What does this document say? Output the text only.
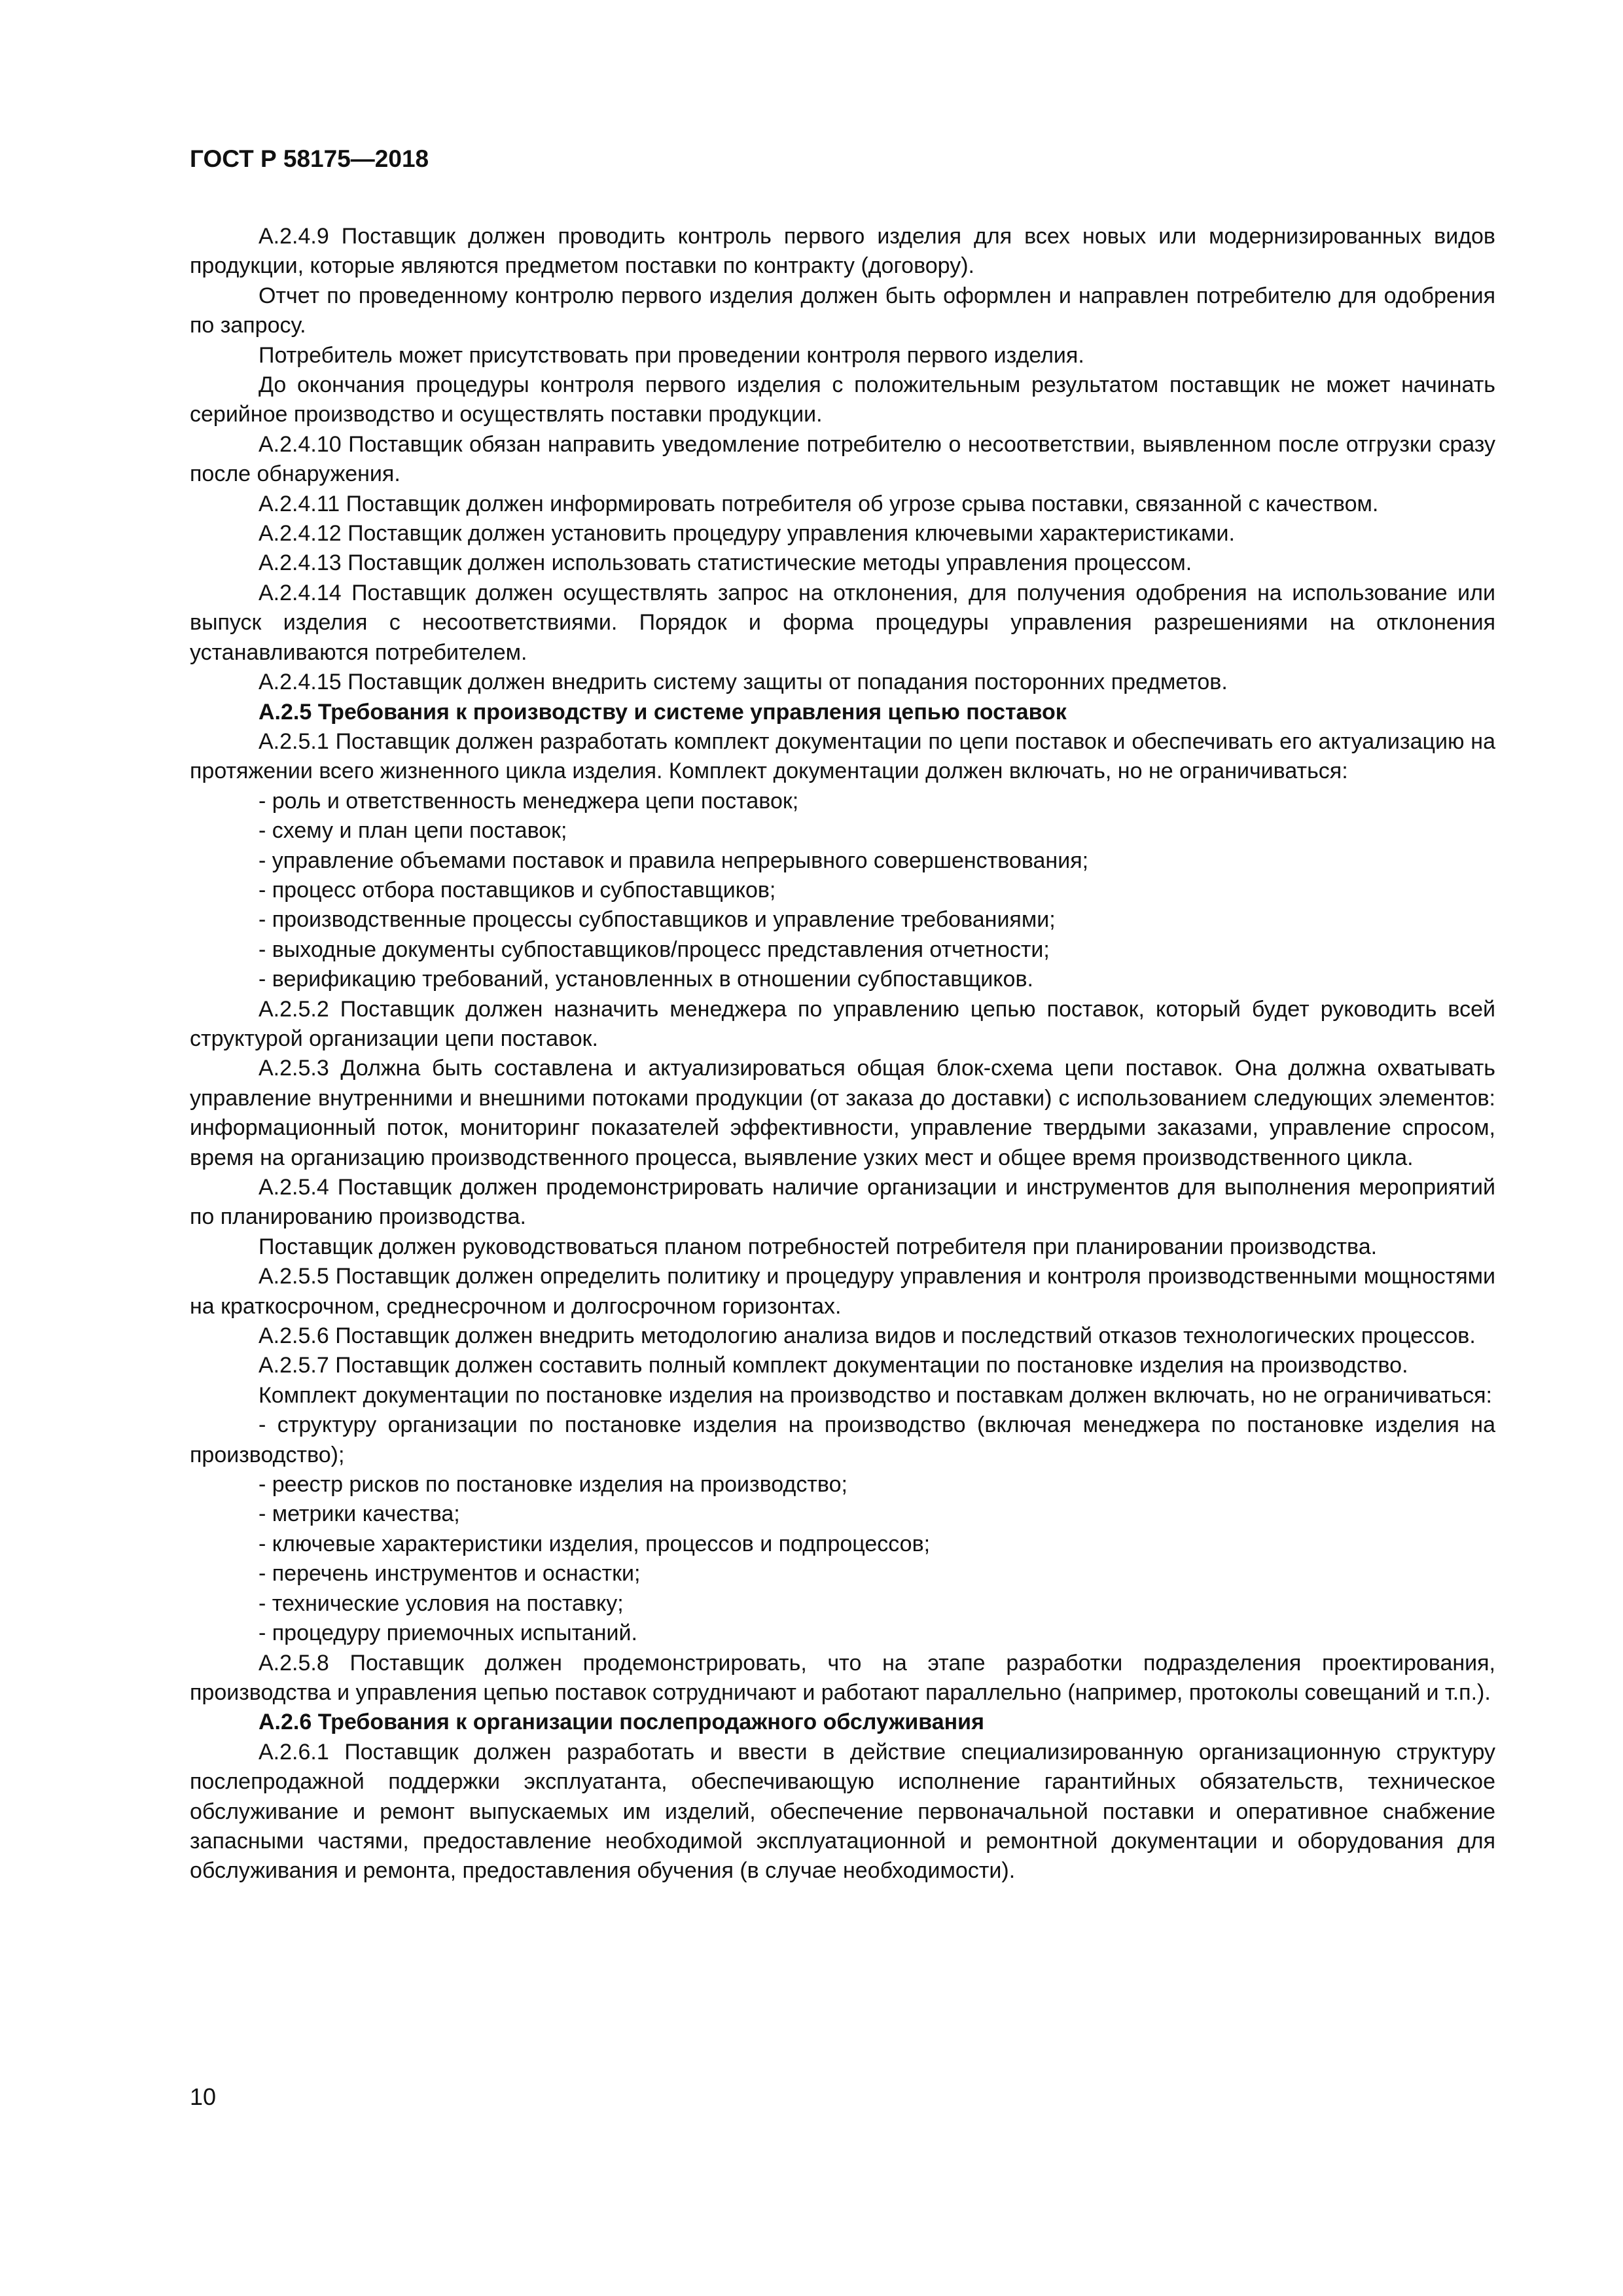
ГОСТ Р 58175—2018

А.2.4.9 Поставщик должен проводить контроль первого изделия для всех новых или модернизированных видов продукции, которые являются предметом поставки по контракту (договору).

Отчет по проведенному контролю первого изделия должен быть оформлен и направлен потребителю для одобрения по запросу.

Потребитель может присутствовать при проведении контроля первого изделия.

До окончания процедуры контроля первого изделия с положительным результатом поставщик не может начинать серийное производство и осуществлять поставки продукции.

А.2.4.10 Поставщик обязан направить уведомление потребителю о несоответствии, выявленном после отгрузки сразу после обнаружения.

А.2.4.11 Поставщик должен информировать потребителя об угрозе срыва поставки, связанной с качеством.

А.2.4.12 Поставщик должен установить процедуру управления ключевыми характеристиками.

А.2.4.13 Поставщик должен использовать статистические методы управления процессом.

А.2.4.14 Поставщик должен осуществлять запрос на отклонения, для получения одобрения на использование или выпуск изделия с несоответствиями. Порядок и форма процедуры управления разрешениями на отклонения устанавливаются потребителем.

А.2.4.15 Поставщик должен внедрить систему защиты от попадания посторонних предметов.

А.2.5 Требования к производству и системе управления цепью поставок

А.2.5.1 Поставщик должен разработать комплект документации по цепи поставок и обеспечивать его актуализацию на протяжении всего жизненного цикла изделия. Комплект документации должен включать, но не ограничиваться:

- роль и ответственность менеджера цепи поставок;
- схему и план цепи поставок;
- управление объемами поставок и правила непрерывного совершенствования;
- процесс отбора поставщиков и субпоставщиков;
- производственные процессы субпоставщиков и управление требованиями;
- выходные документы субпоставщиков/процесс представления отчетности;
- верификацию требований, установленных в отношении субпоставщиков.

А.2.5.2 Поставщик должен назначить менеджера по управлению цепью поставок, который будет руководить всей структурой организации цепи поставок.

А.2.5.3 Должна быть составлена и актуализироваться общая блок-схема цепи поставок. Она должна охватывать управление внутренними и внешними потоками продукции (от заказа до доставки) с использованием следующих элементов: информационный поток, мониторинг показателей эффективности, управление твердыми заказами, управление спросом, время на организацию производственного процесса, выявление узких мест и общее время производственного цикла.

А.2.5.4 Поставщик должен продемонстрировать наличие организации и инструментов для выполнения мероприятий по планированию производства.

Поставщик должен руководствоваться планом потребностей потребителя при планировании производства.

А.2.5.5 Поставщик должен определить политику и процедуру управления и контроля производственными мощностями на краткосрочном, среднесрочном и долгосрочном горизонтах.

А.2.5.6 Поставщик должен внедрить методологию анализа видов и последствий отказов технологических процессов.

А.2.5.7 Поставщик должен составить полный комплект документации по постановке изделия на производство.

Комплект документации по постановке изделия на производство и поставкам должен включать, но не ограничиваться:

- структуру организации по постановке изделия на производство (включая менеджера по постановке изделия на производство);
- реестр рисков по постановке изделия на производство;
- метрики качества;
- ключевые характеристики изделия, процессов и подпроцессов;
- перечень инструментов и оснастки;
- технические условия на поставку;
- процедуру приемочных испытаний.

А.2.5.8 Поставщик должен продемонстрировать, что на этапе разработки подразделения проектирования, производства и управления цепью поставок сотрудничают и работают параллельно (например, протоколы совещаний и т.п.).

А.2.6 Требования к организации послепродажного обслуживания

А.2.6.1 Поставщик должен разработать и ввести в действие специализированную организационную структуру послепродажной поддержки эксплуатанта, обеспечивающую исполнение гарантийных обязательств, техническое обслуживание и ремонт выпускаемых им изделий, обеспечение первоначальной поставки и оперативное снабжение запасными частями, предоставление необходимой эксплуатационной и ремонтной документации и оборудования для обслуживания и ремонта, предоставления обучения (в случае необходимости).

10
